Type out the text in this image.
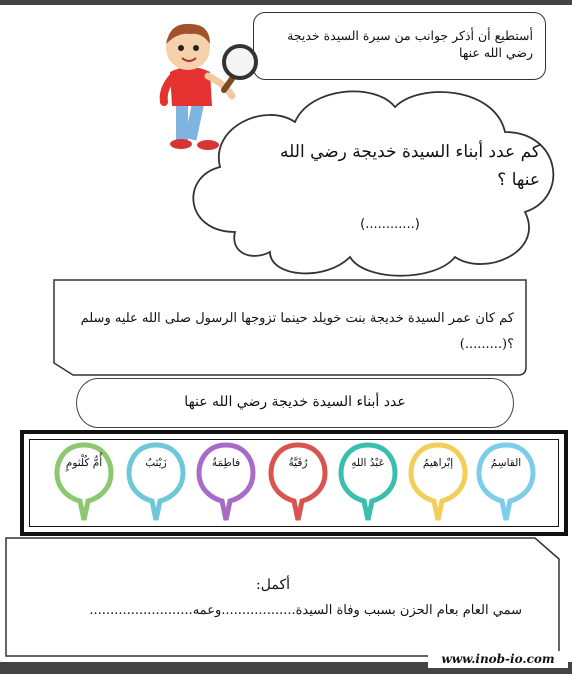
أستطيع أن أذكر جوانب من سيرة السيدة خديجة رضي الله عنها
كم عدد أبناء السيدة خديجة رضي الله عنها ؟
(............)
كم كان عمر السيدة خديجة بنت خويلد حينما تزوجها الرسول صلى الله عليه وسلم ؟(.........)
عدد أبناء السيدة خديجة رضي الله عنها
القاسِمُ
إبْراهيمُ
عَبْدُ اللهِ
رُقَيَّةُ
فاطِمَةُ
زَيْنَبُ
أُمُّ كُلْثومٍ
أكمل:
سمي العام بعام الحزن بسبب وفاة السيدة..................وعمه.........................
www.inob-io.com
